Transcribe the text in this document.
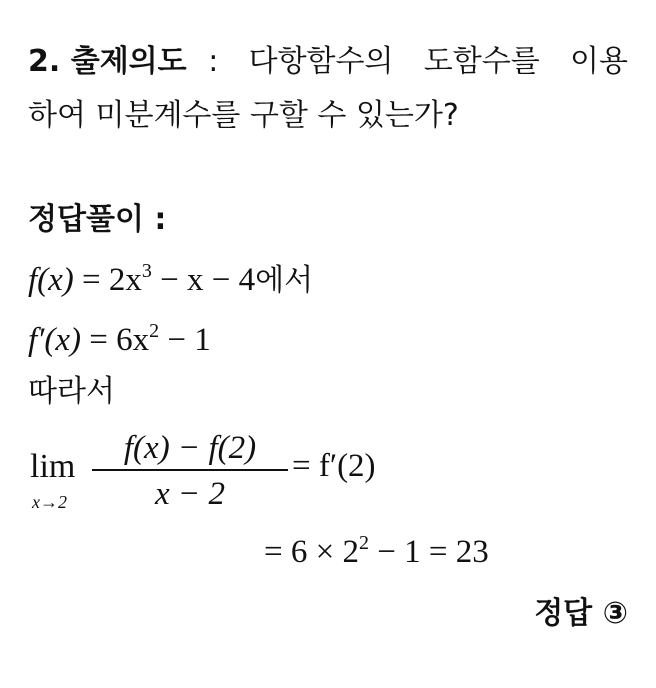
2. 출제의도 : 다항함수의 도함수를 이용
하여 미분계수를 구할 수 있는가?
정답풀이 :
$f(x) = 2x^3 - x - 4$에서
$f'(x) = 6x^2 - 1$
따라서
lim
x→2
f(x) − f(2)
x − 2
= f′(2)
= $6 \times 2^2 - 1 = 23$
정답 ③
